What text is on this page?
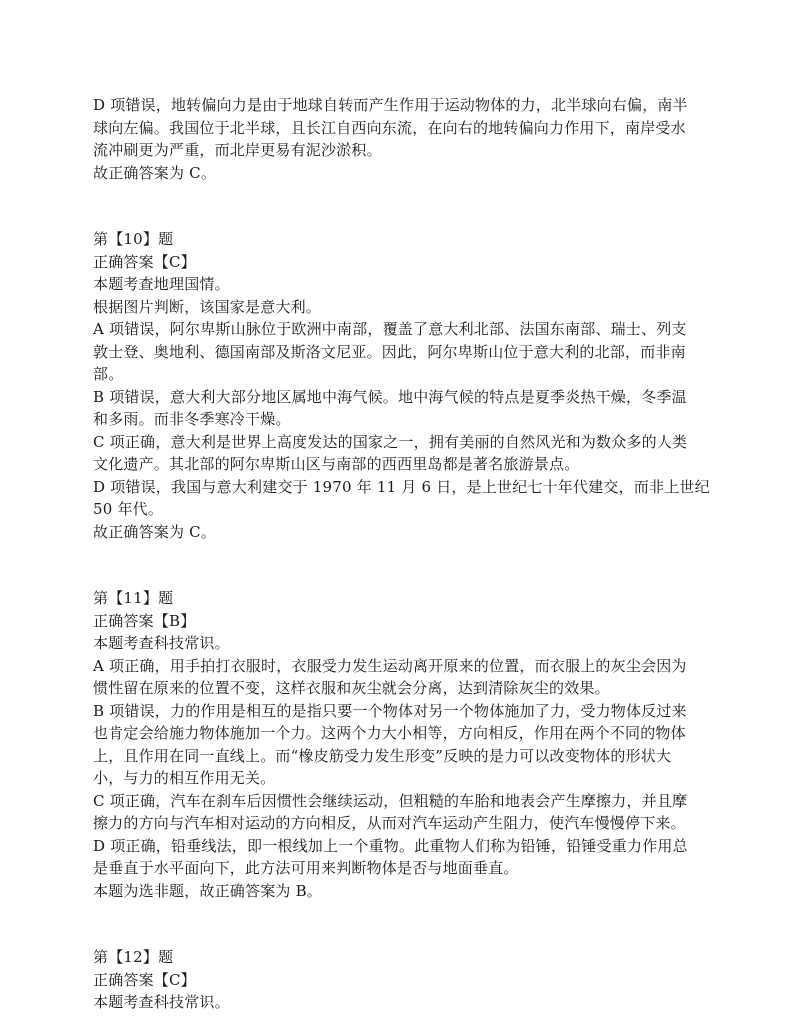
D 项错误，地转偏向力是由于地球自转而产生作用于运动物体的力，北半球向右偏，南半
球向左偏。我国位于北半球，且长江自西向东流，在向右的地转偏向力作用下，南岸受水
流冲刷更为严重，而北岸更易有泥沙淤积。
故正确答案为 C。
第【10】题
正确答案【C】
本题考查地理国情。
根据图片判断，该国家是意大利。
A 项错误，阿尔卑斯山脉位于欧洲中南部，覆盖了意大利北部、法国东南部、瑞士、列支
敦士登、奥地利、德国南部及斯洛文尼亚。因此，阿尔卑斯山位于意大利的北部，而非南
部。
B 项错误，意大利大部分地区属地中海气候。地中海气候的特点是夏季炎热干燥，冬季温
和多雨。而非冬季寒冷干燥。
C 项正确，意大利是世界上高度发达的国家之一，拥有美丽的自然风光和为数众多的人类
文化遗产。其北部的阿尔卑斯山区与南部的西西里岛都是著名旅游景点。
D 项错误，我国与意大利建交于 1970 年 11 月 6 日，是上世纪七十年代建交，而非上世纪
50 年代。
故正确答案为 C。
第【11】题
正确答案【B】
本题考查科技常识。
A 项正确，用手拍打衣服时，衣服受力发生运动离开原来的位置，而衣服上的灰尘会因为
惯性留在原来的位置不变，这样衣服和灰尘就会分离，达到清除灰尘的效果。
B 项错误，力的作用是相互的是指只要一个物体对另一个物体施加了力，受力物体反过来
也肯定会给施力物体施加一个力。这两个力大小相等，方向相反，作用在两个不同的物体
上，且作用在同一直线上。而“橡皮筋受力发生形变”反映的是力可以改变物体的形状大
小，与力的相互作用无关。
C 项正确，汽车在刹车后因惯性会继续运动，但粗糙的车胎和地表会产生摩擦力，并且摩
擦力的方向与汽车相对运动的方向相反，从而对汽车运动产生阻力，使汽车慢慢停下来。
D 项正确，铅垂线法，即一根线加上一个重物。此重物人们称为铅锤，铅锤受重力作用总
是垂直于水平面向下，此方法可用来判断物体是否与地面垂直。
本题为选非题，故正确答案为 B。
第【12】题
正确答案【C】
本题考查科技常识。
